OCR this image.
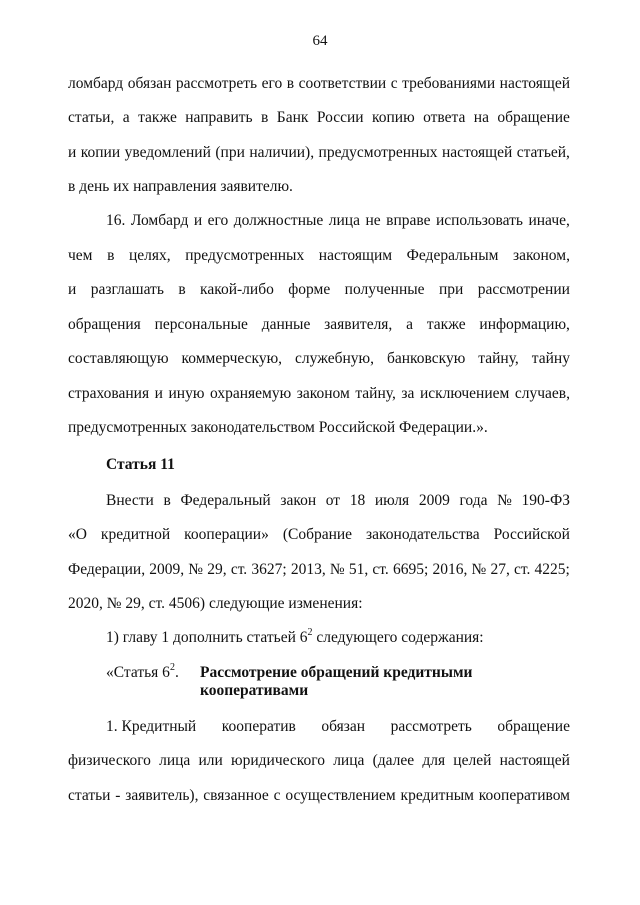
64
ломбард обязан рассмотреть его в соответствии с требованиями настоящей
статьи, а также направить в Банк России копию ответа на обращение
и копии уведомлений (при наличии), предусмотренных настоящей статьей,
в день их направления заявителю.
16. Ломбард и его должностные лица не вправе использовать иначе,
чем в целях, предусмотренных настоящим Федеральным законом,
и разглашать в какой-либо форме полученные при рассмотрении
обращения персональные данные заявителя, а также информацию,
составляющую коммерческую, служебную, банковскую тайну, тайну
страхования и иную охраняемую законом тайну, за исключением случаев,
предусмотренных законодательством Российской Федерации.».
Статья 11
Внести в Федеральный закон от 18 июля 2009 года № 190-ФЗ
«О кредитной кооперации» (Собрание законодательства Российской
Федерации, 2009, № 29, ст. 3627; 2013, № 51, ст. 6695; 2016, № 27, ст. 4225;
2020, № 29, ст. 4506) следующие изменения:
1) главу 1 дополнить статьей $6^2$ следующего содержания:
«Статья $6^2$. Рассмотрение обращений кредитными
кооперативами
1. Кредитный кооператив обязан рассмотреть обращение
физического лица или юридического лица (далее для целей настоящей
статьи - заявитель), связанное с осуществлением кредитным кооперативом
